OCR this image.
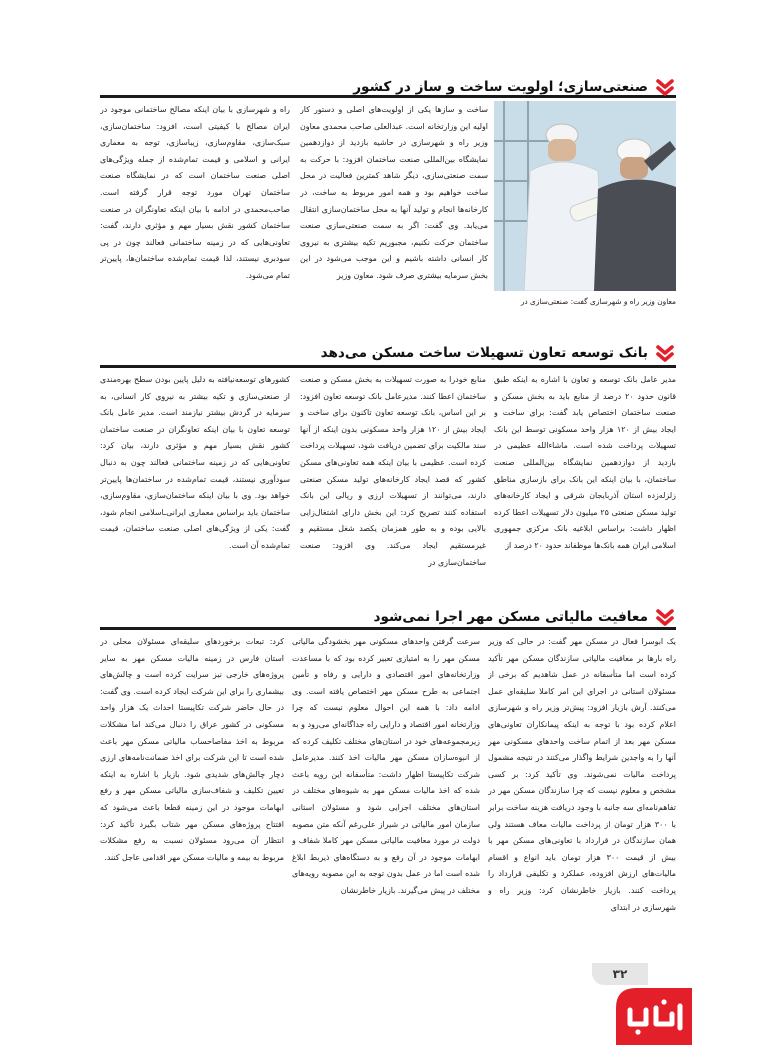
صنعتی‌سازی؛ اولویت ساخت و ساز در کشور
ساخت و سازها یکی از اولویت‌های اصلی و دستور کار اولیه این وزارتخانه است. عبدالعلی صاحب محمدی معاون وزیر راه و شهرسازی در حاشیه بازدید از دوازدهمین نمایشگاه بین‌المللی صنعت ساختمان افزود: با حرکت به سمت صنعتی‌سازی، دیگر شاهد کمترین فعالیت در محل ساخت خواهیم بود و همه امور مربوط به ساخت، در کارخانه‌ها انجام و تولید آنها به محل ساختمان‌سازی انتقال می‌یابد. وی گفت: اگر به سمت صنعتی‌سازی صنعت ساختمان حرکت نکنیم، مجبوریم تکیه بیشتری به نیروی کار انسانی داشته باشیم و این موجب می‌شود در این بخش سرمایه بیشتری صرف شود. معاون وزیر
راه و شهرسازی با بیان اینکه مصالح ساختمانی موجود در ایران مصالح با کیفیتی است، افزود: ساختمان‌سازی، سبک‌سازی، مقاوم‌سازی، زیباسازی، توجه به معماری ایرانی و اسلامی و قیمت تمام‌شده از جمله ویژگی‌های اصلی صنعت ساختمان است که در نمایشگاه صنعت ساختمان تهران مورد توجه قرار گرفته است. صاحب‌محمدی در ادامه با بیان اینکه تعاونگران در صنعت ساختمان کشور نقش بسیار مهم و مؤثری دارند، گفت: تعاونی‌هایی که در زمینه ساختمانی فعالند چون در پی سودبری نیستند، لذا قیمت تمام‌شده ساختمان‌ها، پایین‌تر تمام می‌شود.
معاون وزیر راه و شهرسازی گفت: صنعتی‌سازی در
بانک توسعه تعاون تسهیلات ساخت مسکن می‌دهد
مدیر عامل بانک توسعه و تعاون با اشاره به اینکه طبق قانون حدود ۲۰ درصد از منابع باید به بخش مسکن و صنعت ساختمان اختصاص یابد گفت: برای ساخت و ایجاد بیش از ۱۲۰ هزار واحد مسکونی توسط این بانک تسهیلات پرداخت شده است. ماشاءالله عظیمی در بازدید از دوازدهمین نمایشگاه بین‌المللی صنعت ساختمان، با بیان اینکه این بانک برای بازسازی مناطق زلزله‌زده استان آذربایجان شرقی و ایجاد کارخانه‌های تولید مسکن صنعتی ۲۵ میلیون دلار تسهیلات اعطا کرده اظهار داشت: براساس ابلاغیه بانک مرکزی جمهوری اسلامی ایران همه بانک‌ها موظفاند حدود ۲۰ درصد از
منابع خودرا به صورت تسهیلات به بخش مسکن و صنعت ساختمان اعطا کنند. مدیرعامل بانک توسعه تعاون افزود: بر این اساس، بانک توسعه تعاون تاکنون برای ساخت و ایجاد بیش از ۱۲۰ هزار واحد مسکونی بدون اینکه از آنها سند مالکیت برای تضمین دریافت شود، تسهیلات پرداخت کرده است. عظیمی با بیان اینکه همه تعاونی‌های مسکن کشور که قصد ایجاد کارخانه‌های تولید مسکن صنعتی دارند، می‌توانند از تسهیلات ارزی و ریالی این بانک استفاده کنند تصریح کرد: این بخش دارای اشتغال‌زایی بالایی بوده و به طور همزمان یکصد شغل مستقیم و غیرمستقیم ایجاد می‌کند. وی افزود: صنعت ساختمان‌سازی در
کشورهای توسعه‌نیافته به دلیل پایین بودن سطح بهره‌مندی از صنعتی‌سازی و تکیه بیشتر به نیروی کار انسانی، به سرمایه در گردش بیشتر نیازمند است. مدیر عامل بانک توسعه تعاون با بیان اینکه تعاونگران در صنعت ساختمان کشور نقش بسیار مهم و مؤثری دارند، بیان کرد: تعاونی‌هایی که در زمینه ساختمانی فعالند چون به دنبال سودآوری نیستند، قیمت تمام‌شده در ساختمان‌ها پایین‌تر خواهد بود. وی با بیان اینکه ساختمان‌سازی، مقاوم‌سازی، ساختمان باید براساس معماری ایرانی‌ـاسلامی انجام شود، گفت: یکی از ویژگی‌های اصلی صنعت ساختمان، قیمت تمام‌شده آن است.
معافیت مالیاتی مسکن مهر اجرا نمی‌شود
یک ابوسرا فعال در مسکن مهر گفت: در حالی که وزیر راه بارها بر معافیت مالیاتی سازندگان مسکن مهر تأکید کرده است اما متأسفانه در عمل شاهدیم که برخی از مسئولان استانی در اجرای این امر کاملا سلیقه‌ای عمل می‌کنند. آرش بازیار افزود: پیش‌تر وزیر راه و شهرسازی اعلام کرده بود با توجه به اینکه پیمانکاران تعاونی‌های مسکن مهر بعد از اتمام ساخت واحدهای مسکونی مهر آنها را به واجدین شرایط واگذار می‌کنند در نتیجه مشمول پرداخت مالیات نمی‌شوند. وی تأکید کرد: بر کسی مشخص و معلوم نیست که چرا سازندگان مسکن مهر در تفاهم‌نامه‌ای سه جانبه با وجود دریافت هزینه ساخت برابر با ۳۰۰ هزار تومان از پرداخت مالیات معاف هستند ولی همان سازندگان در قرارداد با تعاونی‌های مسکن مهر با بیش از قیمت ۳۰۰ هزار تومان باید انواع و اقسام مالیات‌های ارزش افزوده، عملکرد و تکلیفی قرارداد را پرداخت کنند. بازیار خاطرنشان کرد: وزیر راه و شهرسازی در ابتدای
سرعت گرفتن واحدهای مسکونی مهر بخشودگی مالیاتی مسکن مهر را به امتیازی تعبیر کرده بود که با مساعدت وزارتخانه‌های امور اقتصادی و دارایی و رفاه و تأمین اجتماعی به طرح مسکن مهر اختصاص یافته است. وی ادامه داد: با همه این احوال معلوم نیست که چرا وزارتخانه امور اقتصاد و دارایی راه جداگانه‌ای می‌رود و به زیرمجموعه‌های خود در استان‌های مختلف تکلیف کرده که از انبوه‌سازان مسکن مهر مالیات اخذ کنند. مدیرعامل شرکت تکاپیستا اظهار داشت: متأسفانه این رویه باعث شده که اخذ مالیات مسکن مهر به شیوه‌های مختلف در استان‌های مختلف اجرایی شود و مسئولان استانی سازمان امور مالیاتی در شیراز علی‌رغم آنکه متن مصوبه دولت در مورد معافیت مالیاتی مسکن مهر کاملا شفاف و ابهامات موجود در آن رفع و به دستگاه‌های ذیربط ابلاغ شده است اما در عمل بدون توجه به این مصوبه رویه‌های مختلف در پیش می‌گیرند. بازیار خاطرنشان
کرد: تبعات برخوردهای سلیقه‌ای مسئولان محلی در استان فارس در زمینه مالیات مسکن مهر به سایر پروژه‌های خارجی نیز سرایت کرده است و چالش‌های بیشماری را برای این شرکت ایجاد کرده است. وی گفت: در حال حاضر شرکت تکاپیستا احداث یک هزار واحد مسکونی در کشور عراق را دنبال می‌کند اما مشکلات مربوط به اخذ مفاصاحساب مالیاتی مسکن مهر باعث شده است تا این شرکت برای اخذ ضمانت‌نامه‌های ارزی دچار چالش‌های شدیدی شود. بازیار با اشاره به اینکه تعیین تکلیف و شفاف‌سازی مالیاتی مسکن مهر و رفع ابهامات موجود در این زمینه قطعا باعث می‌شود که افتتاح پروژه‌های مسکن مهر شتاب بگیرد تأکید کرد: انتظار آن می‌رود مسئولان نسبت به رفع مشکلات مربوط به بیمه و مالیات مسکن مهر اقدامی عاجل کنند.
۳۲
